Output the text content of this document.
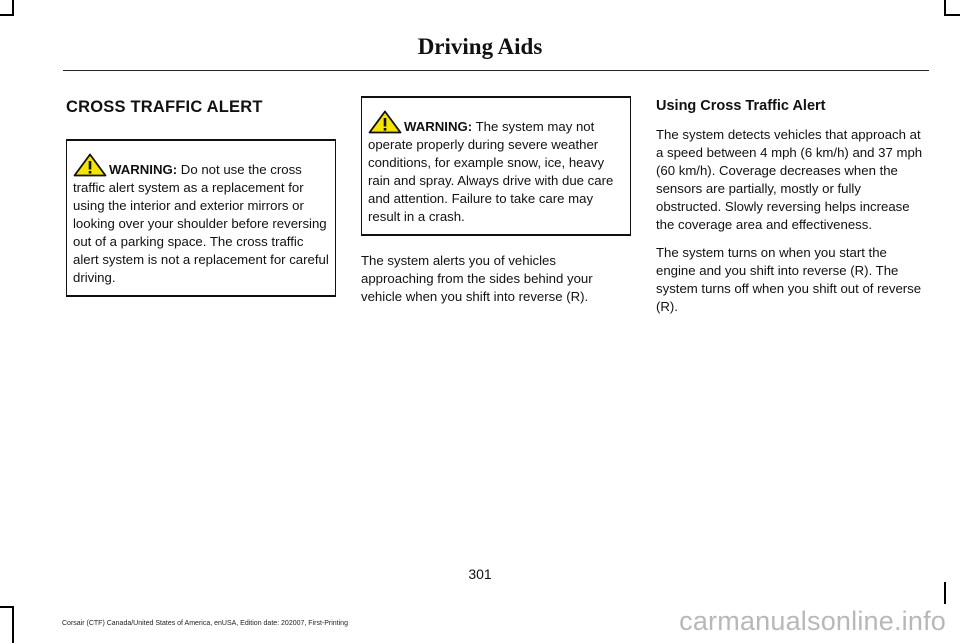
Driving Aids
CROSS TRAFFIC ALERT
WARNING: Do not use the cross traffic alert system as a replacement for using the interior and exterior mirrors or looking over your shoulder before reversing out of a parking space. The cross traffic alert system is not a replacement for careful driving.
WARNING: The system may not operate properly during severe weather conditions, for example snow, ice, heavy rain and spray. Always drive with due care and attention. Failure to take care may result in a crash.

The system alerts you of vehicles approaching from the sides behind your vehicle when you shift into reverse (R).

Using Cross Traffic Alert

The system detects vehicles that approach at a speed between 4 mph (6 km/h) and 37 mph (60 km/h). Coverage decreases when the sensors are partially, mostly or fully obstructed. Slowly reversing helps increase the coverage area and effectiveness.

The system turns on when you start the engine and you shift into reverse (R). The system turns off when you shift out of reverse (R).

301
Corsair (CTF) Canada/United States of America, enUSA, Edition date: 202007, First-Printing	carmanualsonline.info
